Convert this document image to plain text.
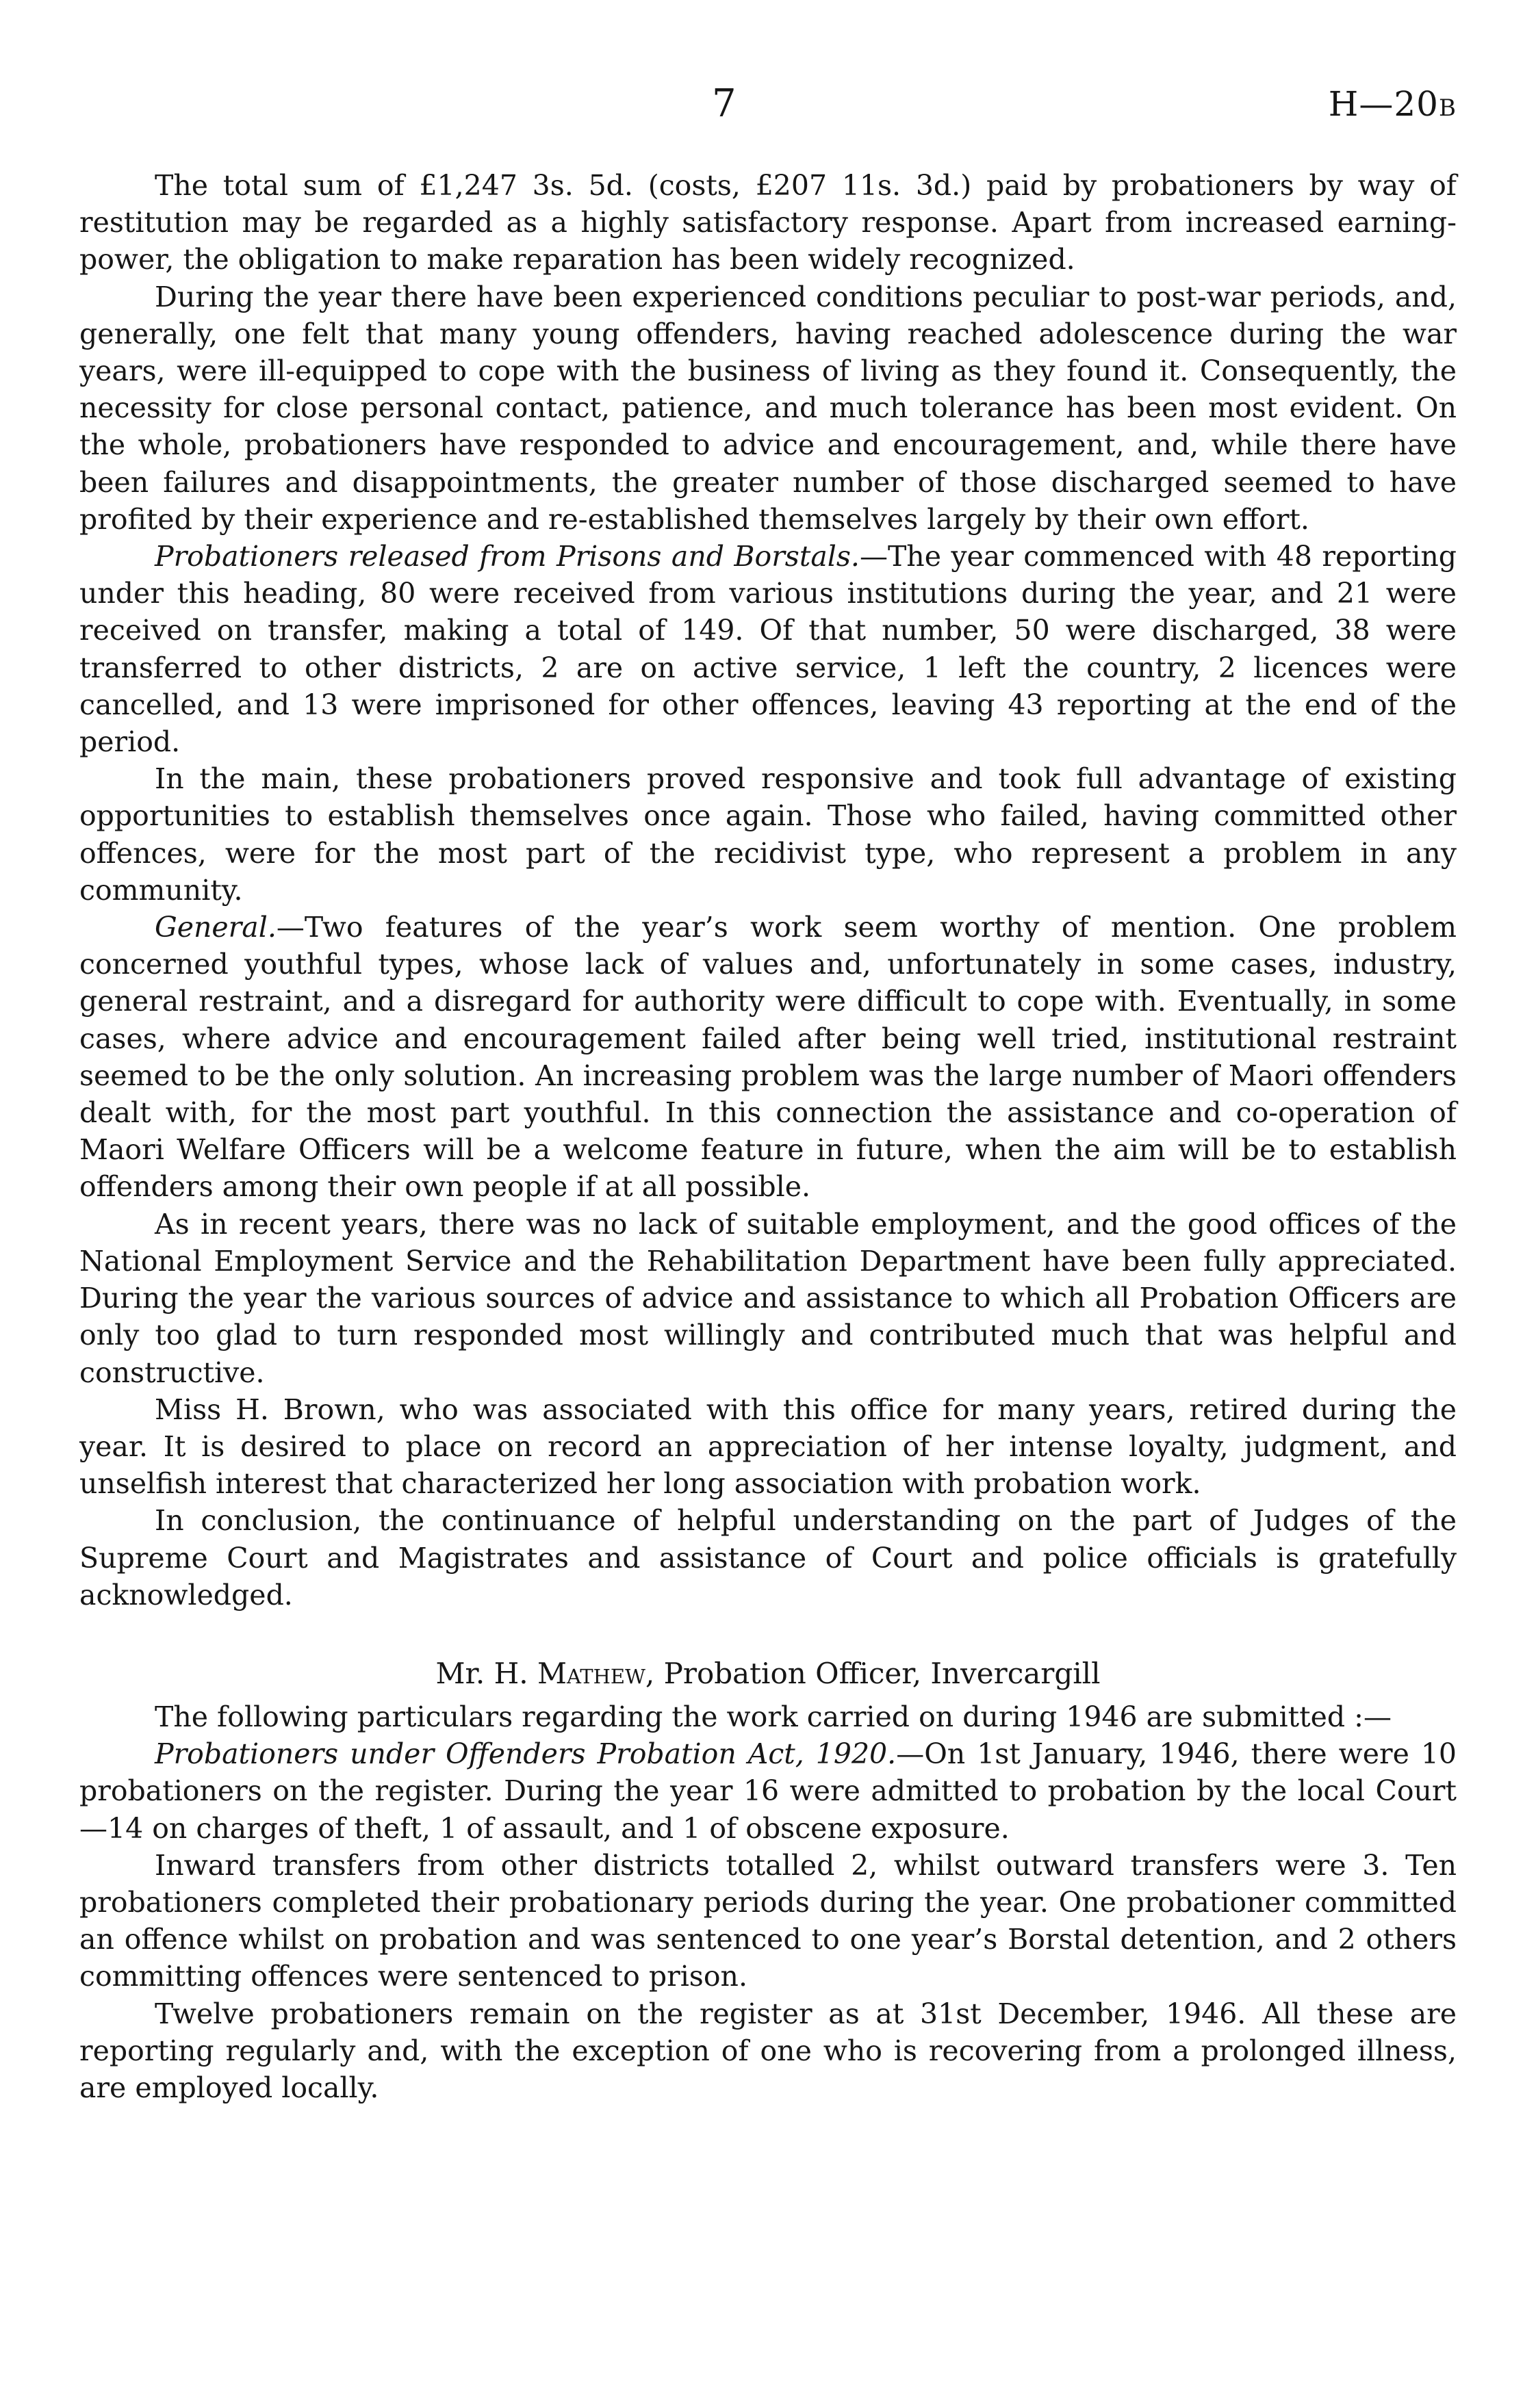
7	H—20B

The total sum of £1,247 3s. 5d. (costs, £207 11s. 3d.) paid by probationers by way of restitution may be regarded as a highly satisfactory response. Apart from increased earning-power, the obligation to make reparation has been widely recognized.

During the year there have been experienced conditions peculiar to post-war periods, and, generally, one felt that many young offenders, having reached adolescence during the war years, were ill-equipped to cope with the business of living as they found it. Consequently, the necessity for close personal contact, patience, and much tolerance has been most evident. On the whole, probationers have responded to advice and encouragement, and, while there have been failures and disappointments, the greater number of those discharged seemed to have profited by their experience and re-established themselves largely by their own effort.

Probationers released from Prisons and Borstals.—The year commenced with 48 reporting under this heading, 80 were received from various institutions during the year, and 21 were received on transfer, making a total of 149. Of that number, 50 were discharged, 38 were transferred to other districts, 2 are on active service, 1 left the country, 2 licences were cancelled, and 13 were imprisoned for other offences, leaving 43 reporting at the end of the period.

In the main, these probationers proved responsive and took full advantage of existing opportunities to establish themselves once again. Those who failed, having committed other offences, were for the most part of the recidivist type, who represent a problem in any community.

General.—Two features of the year’s work seem worthy of mention. One problem concerned youthful types, whose lack of values and, unfortunately in some cases, industry, general restraint, and a disregard for authority were difficult to cope with. Eventually, in some cases, where advice and encouragement failed after being well tried, institutional restraint seemed to be the only solution. An increasing problem was the large number of Maori offenders dealt with, for the most part youthful. In this connection the assistance and co-operation of Maori Welfare Officers will be a welcome feature in future, when the aim will be to establish offenders among their own people if at all possible.

As in recent years, there was no lack of suitable employment, and the good offices of the National Employment Service and the Rehabilitation Department have been fully appreciated. During the year the various sources of advice and assistance to which all Probation Officers are only too glad to turn responded most willingly and contributed much that was helpful and constructive.

Miss H. Brown, who was associated with this office for many years, retired during the year. It is desired to place on record an appreciation of her intense loyalty, judgment, and unselfish interest that characterized her long association with probation work.

In conclusion, the continuance of helpful understanding on the part of Judges of the Supreme Court and Magistrates and assistance of Court and police officials is gratefully acknowledged.

Mr. H. Mathew, Probation Officer, Invercargill

The following particulars regarding the work carried on during 1946 are submitted :—

Probationers under Offenders Probation Act, 1920.—On 1st January, 1946, there were 10 probationers on the register. During the year 16 were admitted to probation by the local Court—14 on charges of theft, 1 of assault, and 1 of obscene exposure.

Inward transfers from other districts totalled 2, whilst outward transfers were 3. Ten probationers completed their probationary periods during the year. One probationer committed an offence whilst on probation and was sentenced to one year’s Borstal detention, and 2 others committing offences were sentenced to prison.

Twelve probationers remain on the register as at 31st December, 1946. All these are reporting regularly and, with the exception of one who is recovering from a prolonged illness, are employed locally.
